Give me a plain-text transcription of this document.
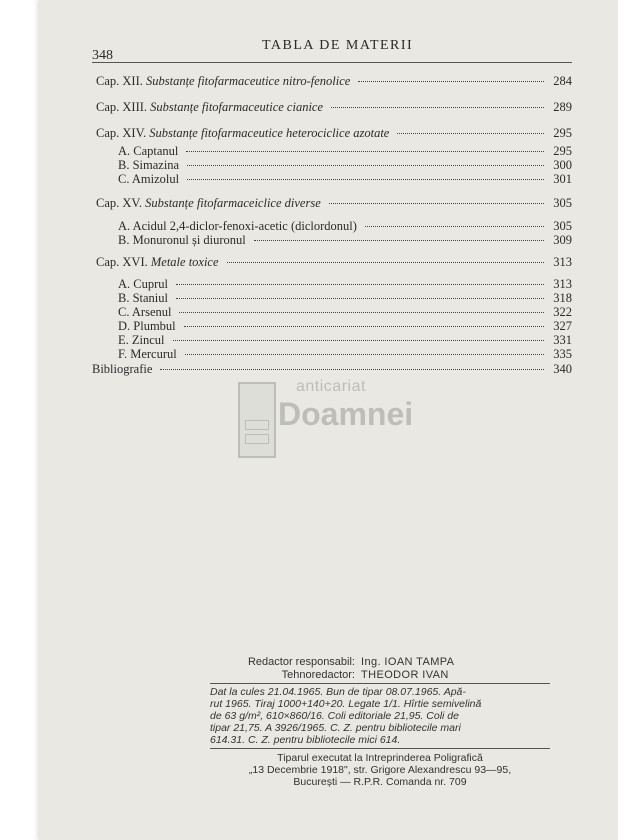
348
TABLA DE MATERII
Cap. XII. Substanțe fitofarmaceutice nitro-fenolice	284
Cap. XIII. Substanțe fitofarmaceutice cianice	289
Cap. XIV. Substanțe fitofarmaceutice heterociclice azotate	295
A. Captanul	295
B. Simazina	300
C. Amizolul	301
Cap. XV. Substanțe fitofarmaceiclice diverse	305
A. Acidul 2,4-diclor-fenoxi-acetic (diclordonul)	305
B. Monuronul și diuronul	309
Cap. XVI. Metale toxice	313
A. Cuprul	313
B. Staniul	318
C. Arsenul	322
D. Plumbul	327
E. Zincul	331
F. Mercurul	335
Bibliografie	340
anticariat
Doamnei
Redactor responsabil: Ing. IOAN TAMPA
Tehnoredactor: THEODOR IVAN
Dat la cules 21.04.1965. Bun de tipar 08.07.1965. Apă-
rut 1965. Tiraj 1000+140+20. Legate 1/1. Hîrtie semivelină
de 63 g/m², 610×860/16. Coli editoriale 21,95. Coli de
tipar 21,75. A 3926/1965. C. Z. pentru bibliotecile mari
614.31. C. Z. pentru bibliotecile mici 614.
Tiparul executat la Intreprinderea Poligrafică
„13 Decembrie 1918", str. Grigore Alexandrescu 93—95,
București — R.P.R. Comanda nr. 709
